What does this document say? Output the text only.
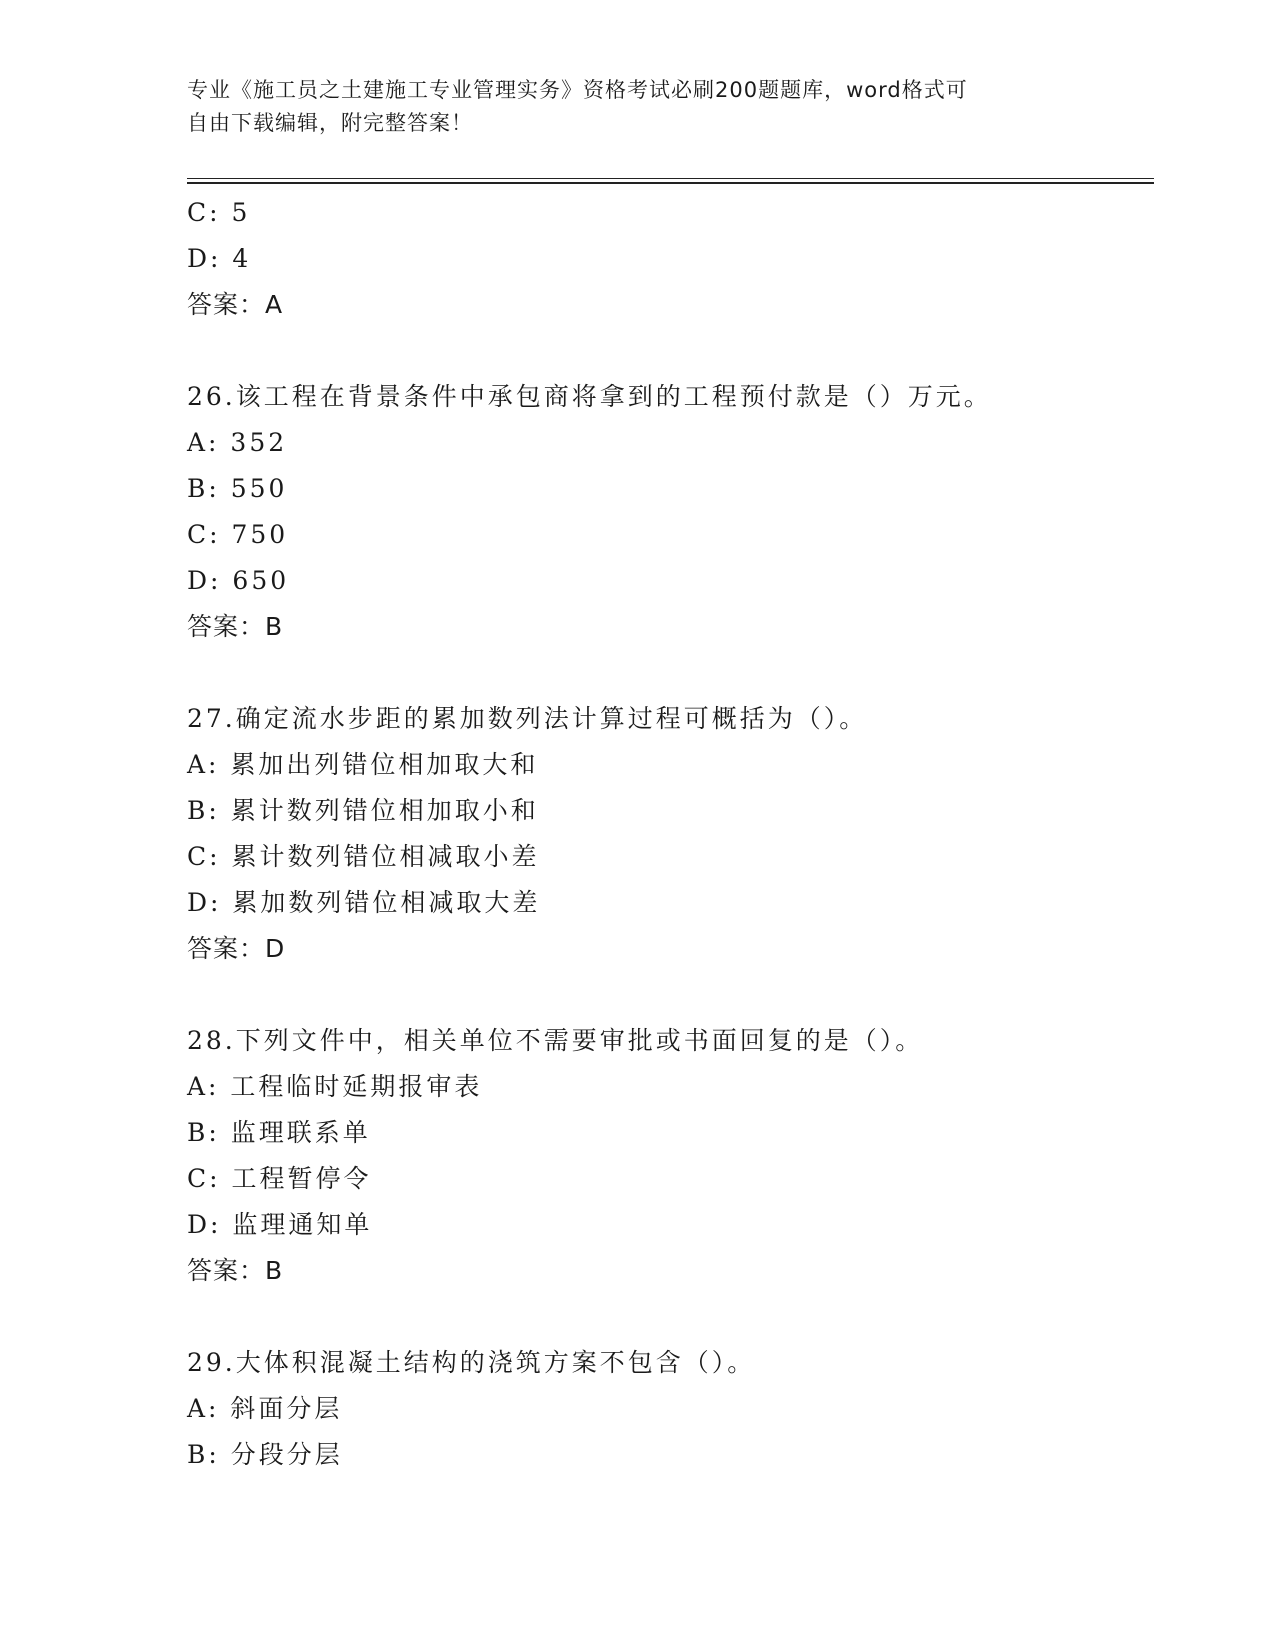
专业《施工员之土建施工专业管理实务》资格考试必刷200题题库，word格式可
自由下载编辑，附完整答案！
C: 5
D: 4
答案：A
26.该工程在背景条件中承包商将拿到的工程预付款是（）万元。
A: 352
B: 550
C: 750
D: 650
答案：B
27.确定流水步距的累加数列法计算过程可概括为（）。
A: 累加出列错位相加取大和
B: 累计数列错位相加取小和
C: 累计数列错位相减取小差
D: 累加数列错位相减取大差
答案：D
28.下列文件中，相关单位不需要审批或书面回复的是（）。
A: 工程临时延期报审表
B: 监理联系单
C: 工程暂停令
D: 监理通知单
答案：B
29.大体积混凝土结构的浇筑方案不包含（）。
A: 斜面分层
B: 分段分层
